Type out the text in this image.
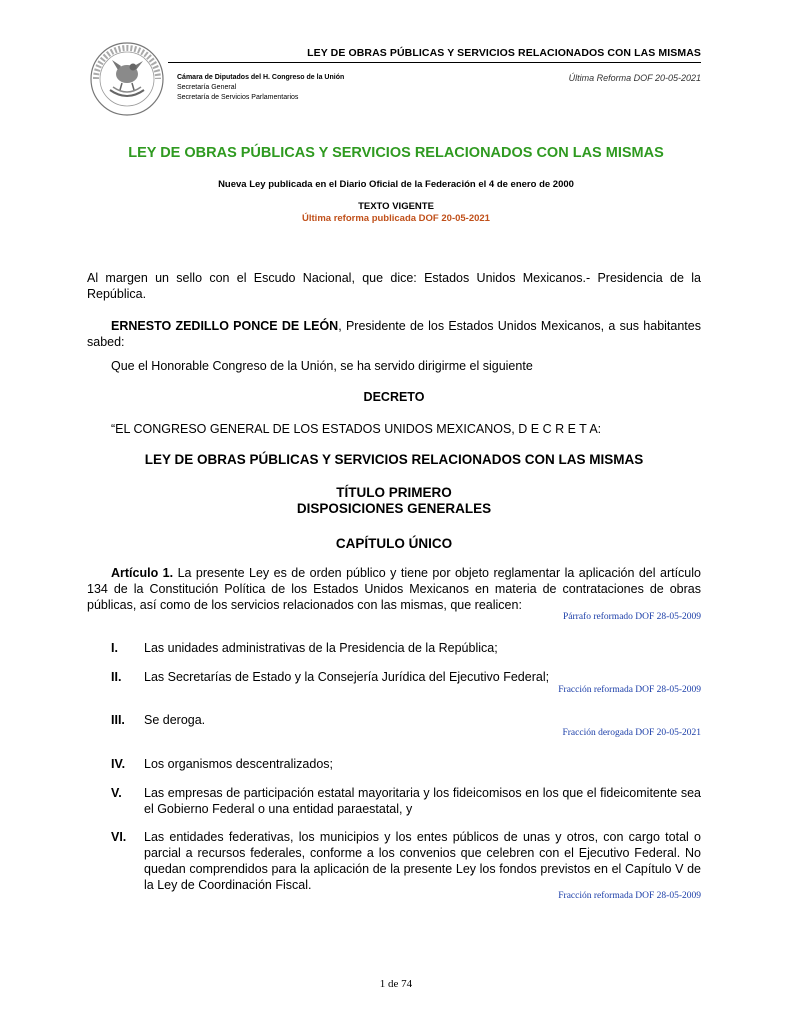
LEY DE OBRAS PÚBLICAS Y SERVICIOS RELACIONADOS CON LAS MISMAS
Cámara de Diputados del H. Congreso de la Unión
Secretaría General
Secretaría de Servicios Parlamentarios
Última Reforma DOF 20-05-2021
LEY DE OBRAS PÚBLICAS Y SERVICIOS RELACIONADOS CON LAS MISMAS
Nueva Ley publicada en el Diario Oficial de la Federación el 4 de enero de 2000
TEXTO VIGENTE
Última reforma publicada DOF 20-05-2021
Al margen un sello con el Escudo Nacional, que dice: Estados Unidos Mexicanos.- Presidencia de la República.
ERNESTO ZEDILLO PONCE DE LEÓN, Presidente de los Estados Unidos Mexicanos, a sus habitantes sabed:
Que el Honorable Congreso de la Unión, se ha servido dirigirme el siguiente
DECRETO
“EL CONGRESO GENERAL DE LOS ESTADOS UNIDOS MEXICANOS, D E C R E T A:
LEY DE OBRAS PÚBLICAS Y SERVICIOS RELACIONADOS CON LAS MISMAS
TÍTULO PRIMERO
DISPOSICIONES GENERALES
CAPÍTULO ÚNICO
Artículo 1. La presente Ley es de orden público y tiene por objeto reglamentar la aplicación del artículo 134 de la Constitución Política de los Estados Unidos Mexicanos en materia de contrataciones de obras públicas, así como de los servicios relacionados con las mismas, que realicen:
Párrafo reformado DOF 28-05-2009
I. Las unidades administrativas de la Presidencia de la República;
II. Las Secretarías de Estado y la Consejería Jurídica del Ejecutivo Federal;
Fracción reformada DOF 28-05-2009
III. Se deroga.
Fracción derogada DOF 20-05-2021
IV. Los organismos descentralizados;
V. Las empresas de participación estatal mayoritaria y los fideicomisos en los que el fideicomitente sea el Gobierno Federal o una entidad paraestatal, y
VI. Las entidades federativas, los municipios y los entes públicos de unas y otros, con cargo total o parcial a recursos federales, conforme a los convenios que celebren con el Ejecutivo Federal. No quedan comprendidos para la aplicación de la presente Ley los fondos previstos en el Capítulo V de la Ley de Coordinación Fiscal.
Fracción reformada DOF 28-05-2009
1 de 74
